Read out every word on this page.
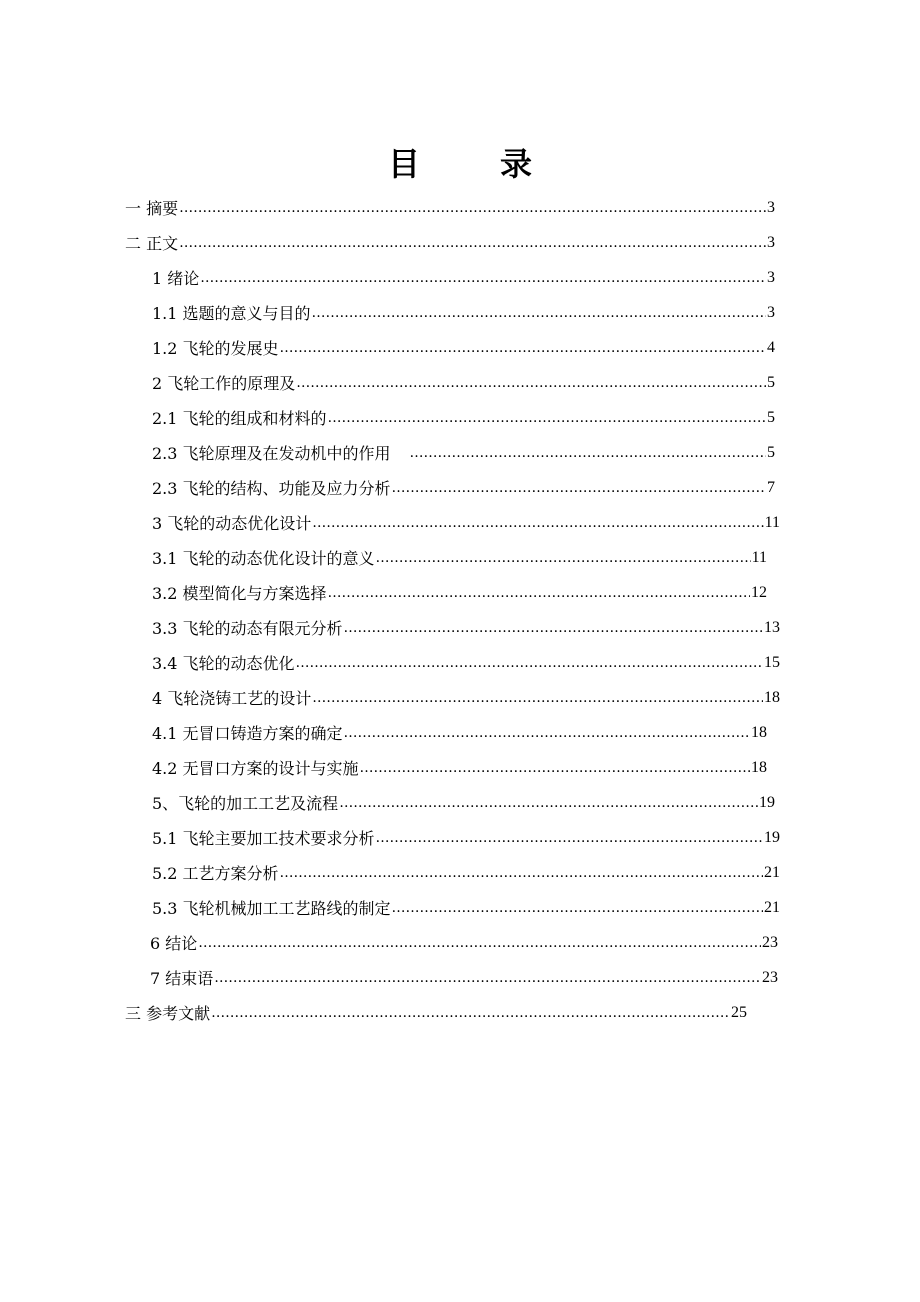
目	录
一 摘要 ………………………………………………………………………………………………………………………………………………………………………………………………………………………………………………	3
二 正文 ………………………………………………………………………………………………………………………………………………………………………………………………………………………………………………	3
1 绪论 ………………………………………………………………………………………………………………………………………………………………………………………………………………………………………………	3
1.1 选题的意义与目的 ………………………………………………………………………………………………………………………………………………………………………………………………………………………………………………	3
1.2 飞轮的发展史 ………………………………………………………………………………………………………………………………………………………………………………………………………………………………………………	4
2 飞轮工作的原理及 ………………………………………………………………………………………………………………………………………………………………………………………………………………………………………………	5
2.1 飞轮的组成和材料的 ………………………………………………………………………………………………………………………………………………………………………………………………………………………………………………	5
2.3 飞轮原理及在发动机中的作用 ………………………………………………………………………………………………………………………………………………………………………………………………………………………………………………	5
2.3 飞轮的结构、功能及应力分析 ………………………………………………………………………………………………………………………………………………………………………………………………………………………………………………	7
3 飞轮的动态优化设计 ………………………………………………………………………………………………………………………………………………………………………………………………………………………………………………	11
3.1 飞轮的动态优化设计的意义 ………………………………………………………………………………………………………………………………………………………………………………………………………………………………………………	11
3.2 模型简化与方案选择 ………………………………………………………………………………………………………………………………………………………………………………………………………………………………………………	12
3.3 飞轮的动态有限元分析 ………………………………………………………………………………………………………………………………………………………………………………………………………………………………………………	13
3.4 飞轮的动态优化 ………………………………………………………………………………………………………………………………………………………………………………………………………………………………………………	15
4 飞轮浇铸工艺的设计 ………………………………………………………………………………………………………………………………………………………………………………………………………………………………………………	18
4.1 无冒口铸造方案的确定 ………………………………………………………………………………………………………………………………………………………………………………………………………………………………………………	18
4.2 无冒口方案的设计与实施 ………………………………………………………………………………………………………………………………………………………………………………………………………………………………………………	18
5、飞轮的加工工艺及流程 ………………………………………………………………………………………………………………………………………………………………………………………………………………………………………………	19
5.1 飞轮主要加工技术要求分析 ………………………………………………………………………………………………………………………………………………………………………………………………………………………………………………	19
5.2 工艺方案分析 ………………………………………………………………………………………………………………………………………………………………………………………………………………………………………………	21
5.3 飞轮机械加工工艺路线的制定 ………………………………………………………………………………………………………………………………………………………………………………………………………………………………………………	21
6 结论 ………………………………………………………………………………………………………………………………………………………………………………………………………………………………………………	23
7 结束语 ………………………………………………………………………………………………………………………………………………………………………………………………………………………………………………	23
三 参考文献 ………………………………………………………………………………………………………………………………………………………………………………………………………………………………………………	25
